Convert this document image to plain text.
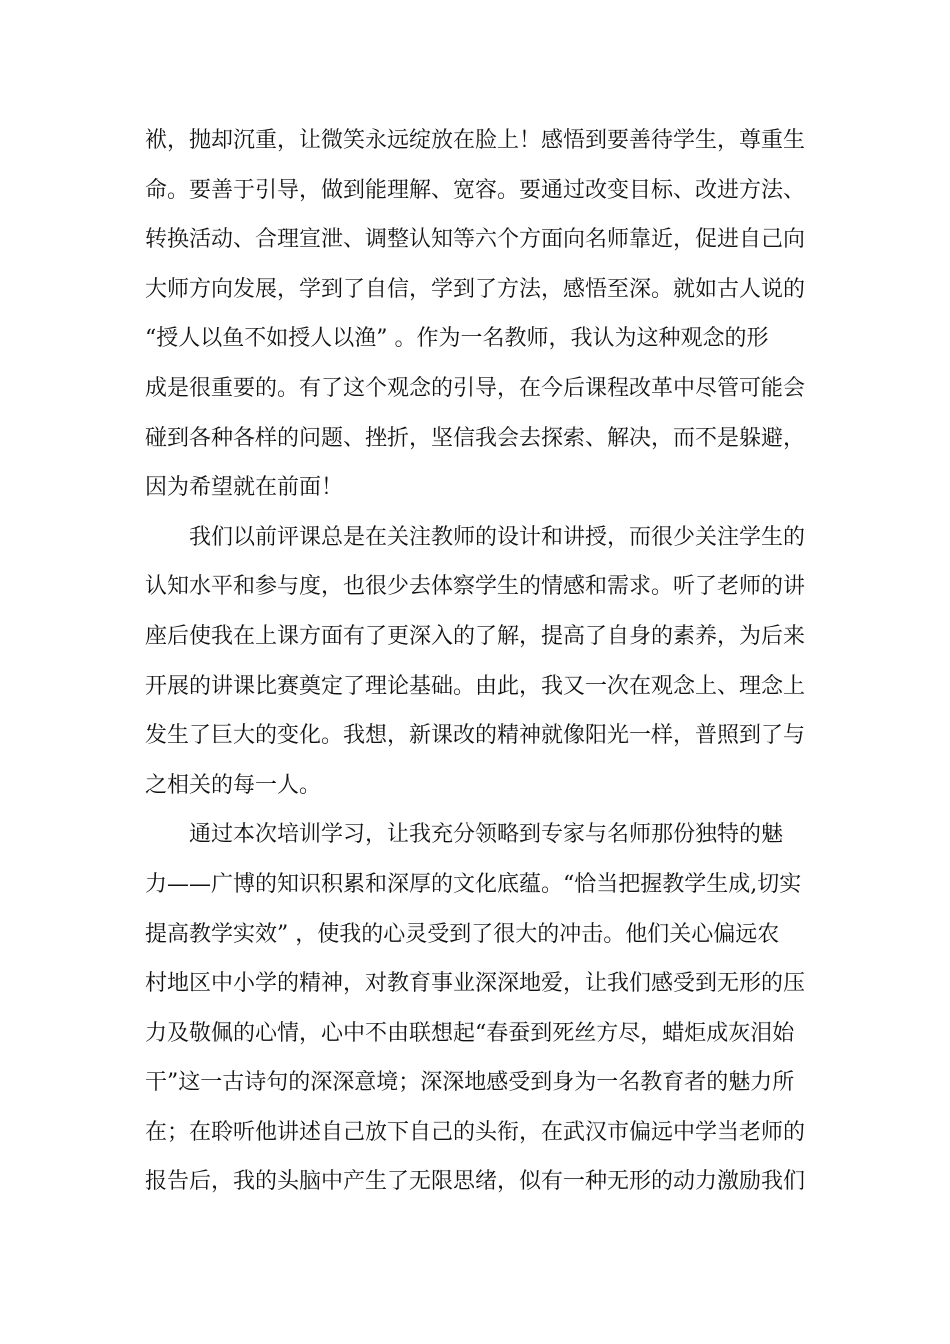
袱，抛却沉重，让微笑永远绽放在脸上！感悟到要善待学生，尊重生
命。要善于引导，做到能理解、宽容。要通过改变目标、改进方法、
转换活动、合理宣泄、调整认知等六个方面向名师靠近，促进自己向
大师方向发展，学到了自信，学到了方法，感悟至深。就如古人说的
“授人以鱼不如授人以渔” 。作为一名教师，我认为这种观念的形
成是很重要的。有了这个观念的引导，在今后课程改革中尽管可能会
碰到各种各样的问题、挫折，坚信我会去探索、解决，而不是躲避，
因为希望就在前面！
我们以前评课总是在关注教师的设计和讲授，而很少关注学生的
认知水平和参与度，也很少去体察学生的情感和需求。听了老师的讲
座后使我在上课方面有了更深入的了解，提高了自身的素养，为后来
开展的讲课比赛奠定了理论基础。由此，我又一次在观念上、理念上
发生了巨大的变化。我想，新课改的精神就像阳光一样，普照到了与
之相关的每一人。
通过本次培训学习，让我充分领略到专家与名师那份独特的魅
力——广博的知识积累和深厚的文化底蕴。“恰当把握教学生成,切实
提高教学实效” ，使我的心灵受到了很大的冲击。他们关心偏远农
村地区中小学的精神，对教育事业深深地爱，让我们感受到无形的压
力及敬佩的心情，心中不由联想起“春蚕到死丝方尽，蜡炬成灰泪始
干”这一古诗句的深深意境；深深地感受到身为一名教育者的魅力所
在；在聆听他讲述自己放下自己的头衔，在武汉市偏远中学当老师的
报告后，我的头脑中产生了无限思绪，似有一种无形的动力激励我们
